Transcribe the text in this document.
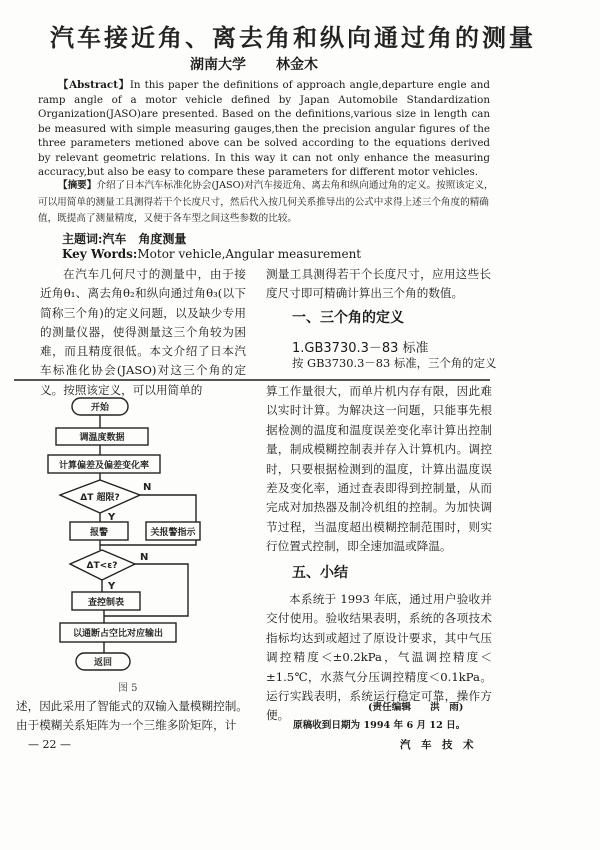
汽车接近角、离去角和纵向通过角的测量
湖南大学 林金木
【Abstract】In this paper the definitions of approach angle,departure engle and ramp angle of a motor vehicle defined by Japan Automobile Standardization Organization(JASO)are presented. Based on the definitions,various size in length can be measured with simple measuring gauges,then the precision angular figures of the three parameters metioned above can be solved according to the equations derived by relevant geometric relations. In this way it can not only enhance the measuring accuracy,but also be easy to compare these parameters for different motor vehicles.
【摘要】介绍了日本汽车标准化协会(JASO)对汽车接近角、离去角和纵向通过角的定义。按照该定义，可以用简单的测量工具测得若干个长度尺寸，然后代入按几何关系推导出的公式中求得上述三个角度的精确值，既提高了测量精度，又便于各车型之间这些参数的比较。
主题词:汽车　角度测量
Key Words:Motor vehicle,Angular measurement
在汽车几何尺寸的测量中，由于接近角θ₁、离去角θ₂和纵向通过角θ₃(以下简称三个角)的定义问题，以及缺少专用的测量仪器，使得测量这三个角较为困难，而且精度很低。本文介绍了日本汽车标准化协会(JASO)对这三个角的定义。按照该定义，可以用简单的
测量工具测得若干个长度尺寸，应用这些长度尺寸即可精确计算出三个角的数值。
一、三个角的定义
1.GB3730.3－83 标准
按 GB3730.3－83 标准，三个角的定义
开始
调温度数据
计算偏差及偏差变化率
ΔT 超限?
N
Y
报警	关报警指示
ΔT<ε?
N
Y
查控制表
以通断占空比对应输出
返回
图 5
述，因此采用了智能式的双输入量模糊控制。
由于模糊关系矩阵为一个三维多阶矩阵，计
— 22 —
算工作量很大，而单片机内存有限，因此难以实时计算。为解决这一问题，只能事先根据检测的温度和温度误差变化率计算出控制量，制成模糊控制表并存入计算机内。调控时，只要根据检测到的温度，计算出温度误差及变化率，通过查表即得到控制量，从而完成对加热器及制冷机组的控制。为加快调节过程，当温度超出模糊控制范围时，则实行位置式控制，即全速加温或降温。
五、小结
本系统于 1993 年底，通过用户验收并交付使用。验收结果表明，系统的各项技术指标均达到或超过了原设计要求，其中气压调控精度＜±0.2kPa，气温调控精度＜±1.5℃，水蒸气分压调控精度＜0.1kPa。运行实践表明，系统运行稳定可靠，操作方便。
(责任编辑　　洪　雨)
原稿收到日期为 1994 年 6 月 12 日。
汽　车　技　术
